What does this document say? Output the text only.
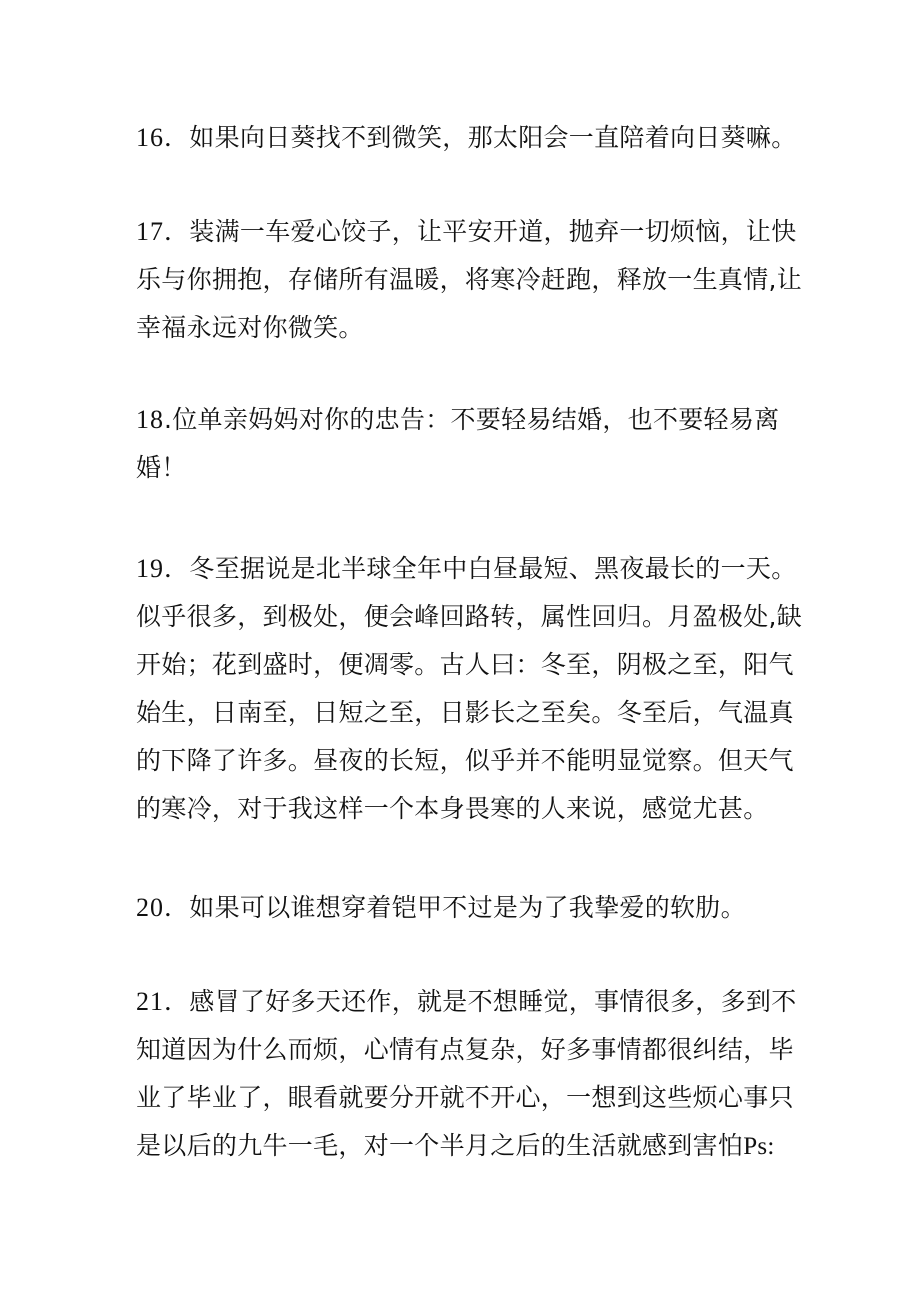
16．如果向日葵找不到微笑，那太阳会一直陪着向日葵嘛。

17．装满一车爱心饺子，让平安开道，抛弃一切烦恼，让快
乐与你拥抱，存储所有温暖，将寒冷赶跑，释放一生真情,让
幸福永远对你微笑。

18.位单亲妈妈对你的忠告：不要轻易结婚，也不要轻易离
婚！

19．冬至据说是北半球全年中白昼最短、黑夜最长的一天。
似乎很多，到极处，便会峰回路转，属性回归。月盈极处,缺
开始；花到盛时，便凋零。古人曰：冬至，阴极之至，阳气
始生，日南至，日短之至，日影长之至矣。冬至后，气温真
的下降了许多。昼夜的长短，似乎并不能明显觉察。但天气
的寒冷，对于我这样一个本身畏寒的人来说，感觉尤甚。

20．如果可以谁想穿着铠甲不过是为了我挚爱的软肋。

21．感冒了好多天还作，就是不想睡觉，事情很多，多到不
知道因为什么而烦，心情有点复杂，好多事情都很纠结，毕
业了毕业了，眼看就要分开就不开心，一想到这些烦心事只
是以后的九牛一毛，对一个半月之后的生活就感到害怕Ps:
